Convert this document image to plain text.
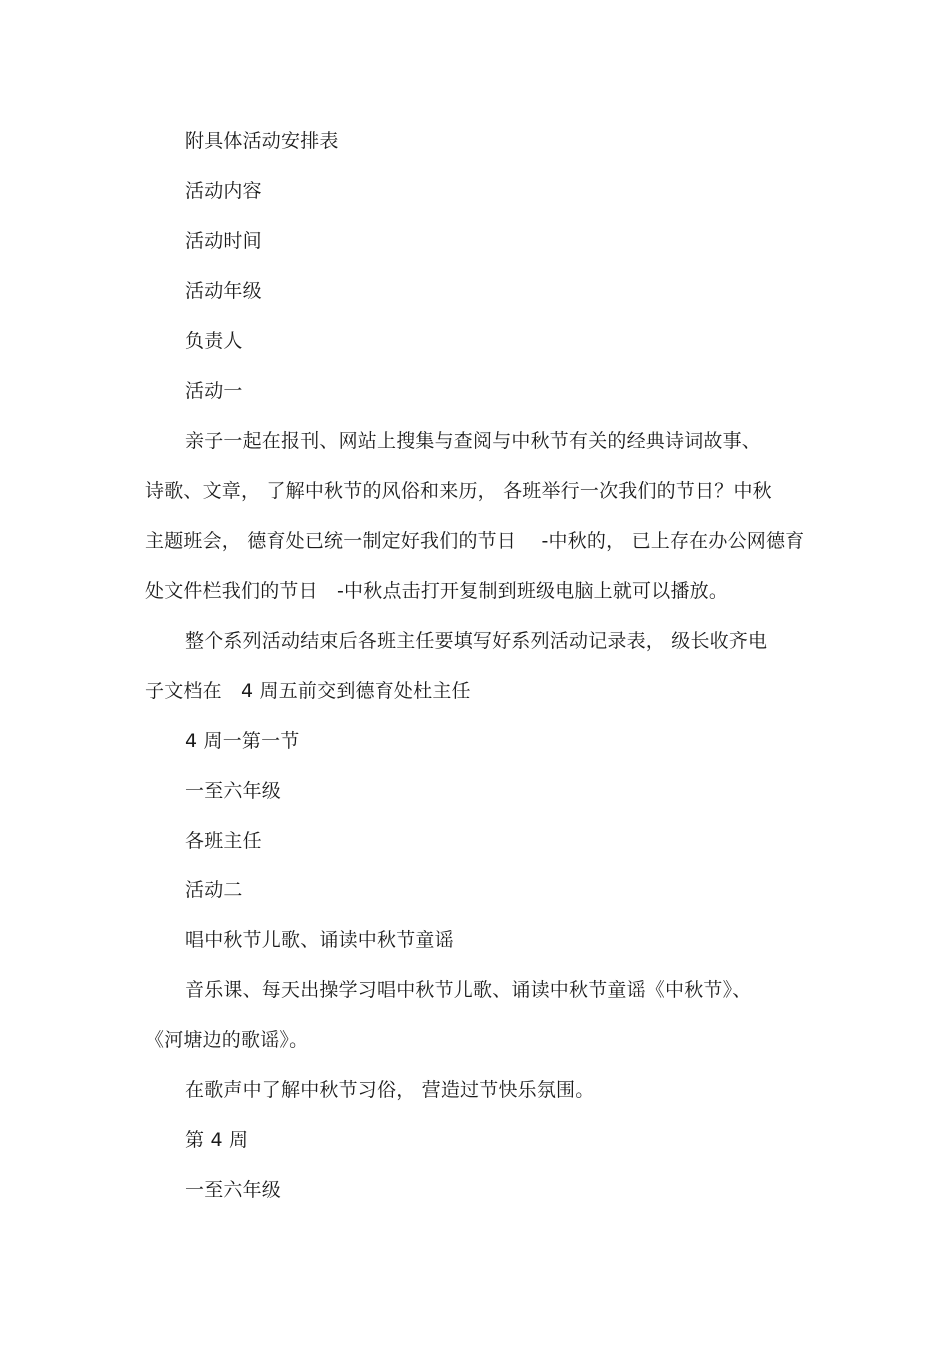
附具体活动安排表
活动内容
活动时间
活动年级
负责人
活动一
亲子一起在报刊、网站上搜集与查阅与中秋节有关的经典诗词故事、
诗歌、文章， 了解中秋节的风俗和来历， 各班举行一次我们的节日？中秋
主题班会， 德育处已统一制定好我们的节日　 -中秋的， 已上存在办公网德育
处文件栏我们的节日　-中秋点击打开复制到班级电脑上就可以播放。
整个系列活动结束后各班主任要填写好系列活动记录表， 级长收齐电
子文档在　4 周五前交到德育处杜主任
4 周一第一节
一至六年级
各班主任
活动二
唱中秋节儿歌、诵读中秋节童谣
音乐课、每天出操学习唱中秋节儿歌、诵读中秋节童谣《中秋节》、
《河塘边的歌谣》。
在歌声中了解中秋节习俗， 营造过节快乐氛围。
第 4 周
一至六年级
